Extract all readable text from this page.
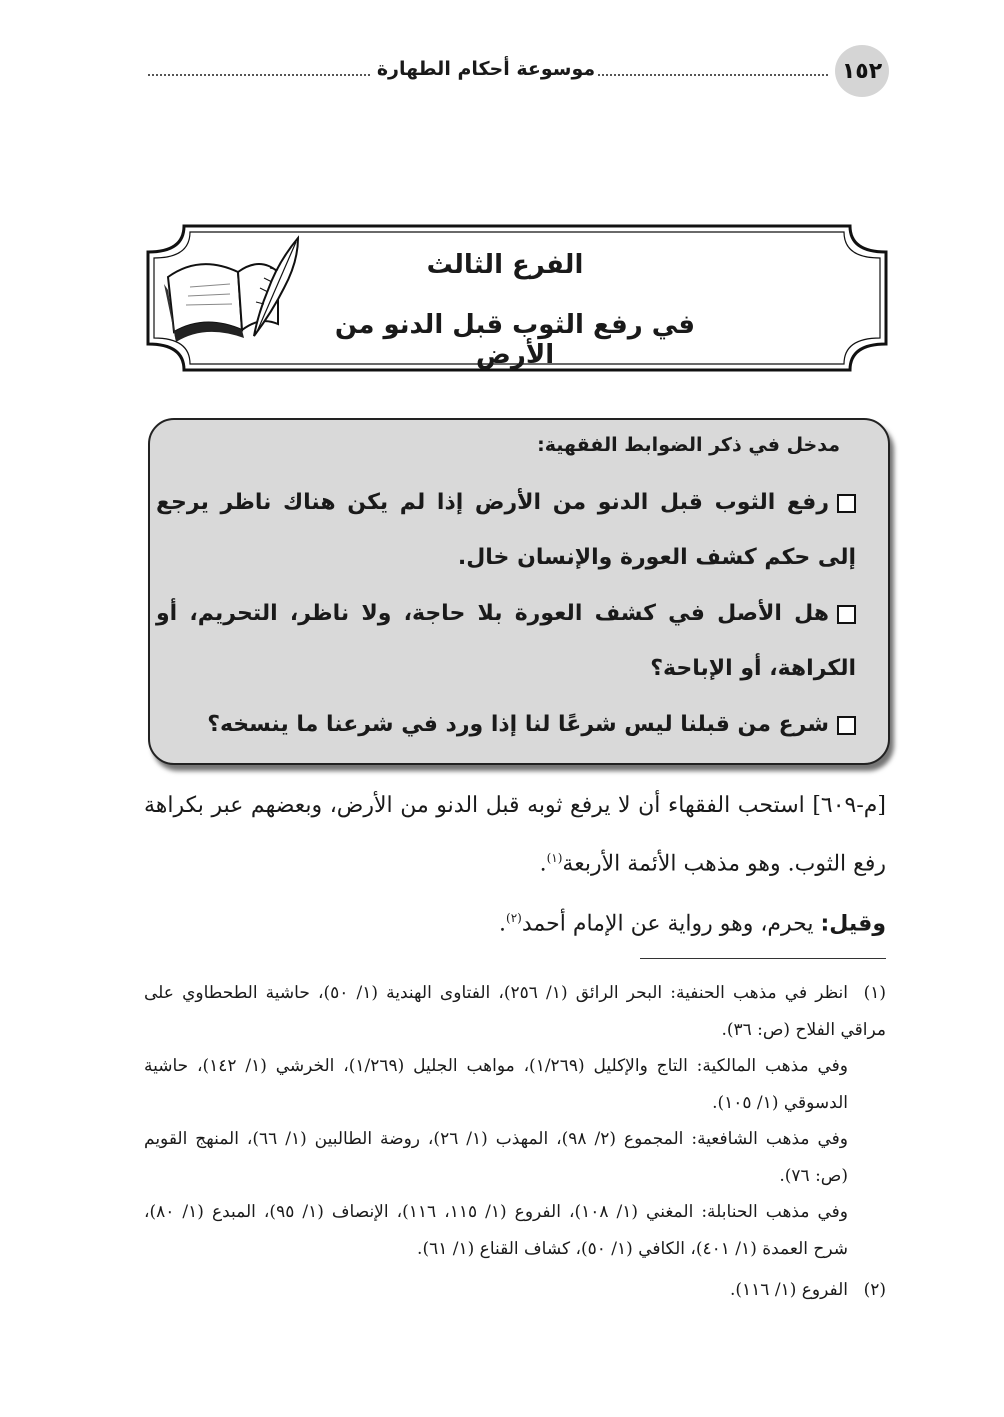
١٥٢
موسوعة أحكام الطهارة
الفرع الثالث
في رفع الثوب قبل الدنو من الأرض
مدخل في ذكر الضوابط الفقهية:
رفع الثوب قبل الدنو من الأرض إذا لم يكن هناك ناظر يرجع إلى حكم كشف العورة والإنسان خال.
هل الأصل في كشف العورة بلا حاجة، ولا ناظر، التحريم، أو الكراهة، أو الإباحة؟
شرع من قبلنا ليس شرعًا لنا إذا ورد في شرعنا ما ينسخه؟
[م-٦٠٩] استحب الفقهاء أن لا يرفع ثوبه قبل الدنو من الأرض، وبعضهم عبر بكراهة رفع الثوب. وهو مذهب الأئمة الأربعة$^{(١)}$.
وقيل: يحرم، وهو رواية عن الإمام أحمد$^{(٢)}$.
(١)انظر في مذهب الحنفية: البحر الرائق (١/ ٢٥٦)، الفتاوى الهندية (١/ ٥٠)، حاشية الطحطاوي على مراقي الفلاح (ص: ٣٦).
وفي مذهب المالكية: التاج والإكليل (١/٢٦٩)، مواهب الجليل (١/٢٦٩)، الخرشي (١/ ١٤٢)، حاشية الدسوقي (١/ ١٠٥).
وفي مذهب الشافعية: المجموع (٢/ ٩٨)، المهذب (١/ ٢٦)، روضة الطالبين (١/ ٦٦)، المنهج القويم (ص: ٧٦).
وفي مذهب الحنابلة: المغني (١/ ١٠٨)، الفروع (١/ ١١٥، ١١٦)، الإنصاف (١/ ٩٥)، المبدع (١/ ٨٠)، شرح العمدة (١/ ٤٠١)، الكافي (١/ ٥٠)، كشاف القناع (١/ ٦١).
(٢)الفروع (١/ ١١٦).
